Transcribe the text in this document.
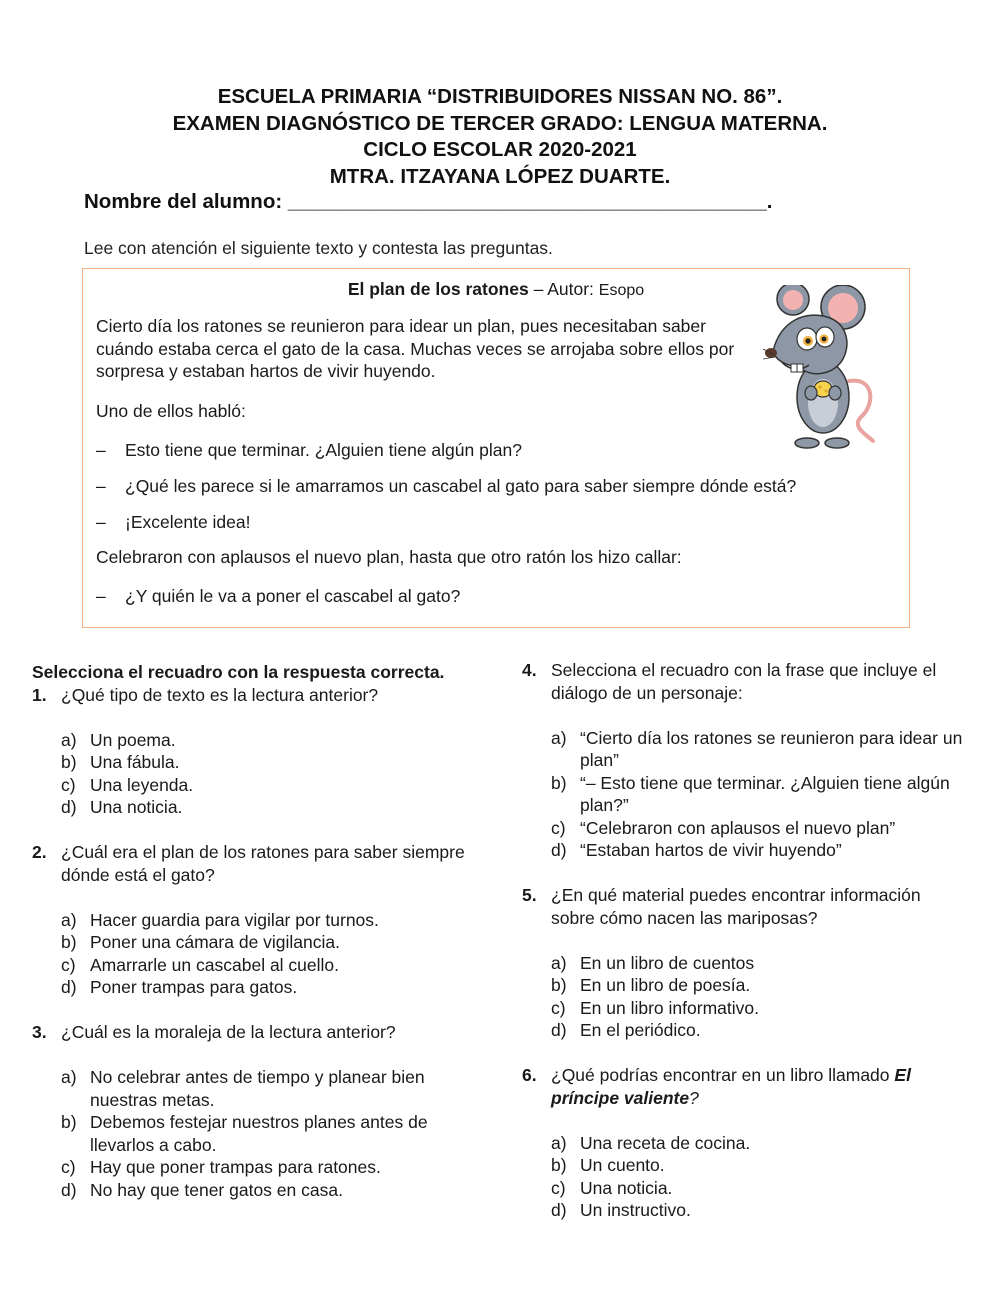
ESCUELA PRIMARIA “DISTRIBUIDORES NISSAN NO. 86”.
EXAMEN DIAGNÓSTICO DE TERCER GRADO: LENGUA MATERNA.
CICLO ESCOLAR 2020-2021
MTRA. ITZAYANA LÓPEZ DUARTE.
Nombre del alumno: __________________________________________.
Lee con atención el siguiente texto y contesta las preguntas.
El plan de los ratones – Autor: Esopo

Cierto día los ratones se reunieron para idear un plan, pues necesitaban saber cuándo estaba cerca el gato de la casa. Muchas veces se arrojaba sobre ellos por sorpresa y estaban hartos de vivir huyendo.

Uno de ellos habló:

– Esto tiene que terminar. ¿Alguien tiene algún plan?

– ¿Qué les parece si le amarramos un cascabel al gato para saber siempre dónde está?

– ¡Excelente idea!

Celebraron con aplausos el nuevo plan, hasta que otro ratón los hizo callar:

– ¿Y quién le va a poner el cascabel al gato?

Selecciona el recuadro con la respuesta correcta.
1. ¿Qué tipo de texto es la lectura anterior?
a) Un poema.
b) Una fábula.
c) Una leyenda.
d) Una noticia.
2. ¿Cuál era el plan de los ratones para saber siempre dónde está el gato?
a) Hacer guardia para vigilar por turnos.
b) Poner una cámara de vigilancia.
c) Amarrarle un cascabel al cuello.
d) Poner trampas para gatos.
3. ¿Cuál es la moraleja de la lectura anterior?
a) No celebrar antes de tiempo y planear bien nuestras metas.
b) Debemos festejar nuestros planes antes de llevarlos a cabo.
c) Hay que poner trampas para ratones.
d) No hay que tener gatos en casa.
4. Selecciona el recuadro con la frase que incluye el diálogo de un personaje:
a) “Cierto día los ratones se reunieron para idear un plan”
b) “– Esto tiene que terminar. ¿Alguien tiene algún plan?”
c) “Celebraron con aplausos el nuevo plan”
d) “Estaban hartos de vivir huyendo”
5. ¿En qué material puedes encontrar información sobre cómo nacen las mariposas?
a) En un libro de cuentos
b) En un libro de poesía.
c) En un libro informativo.
d) En el periódico.
6. ¿Qué podrías encontrar en un libro llamado El príncipe valiente?
a) Una receta de cocina.
b) Un cuento.
c) Una noticia.
d) Un instructivo.
